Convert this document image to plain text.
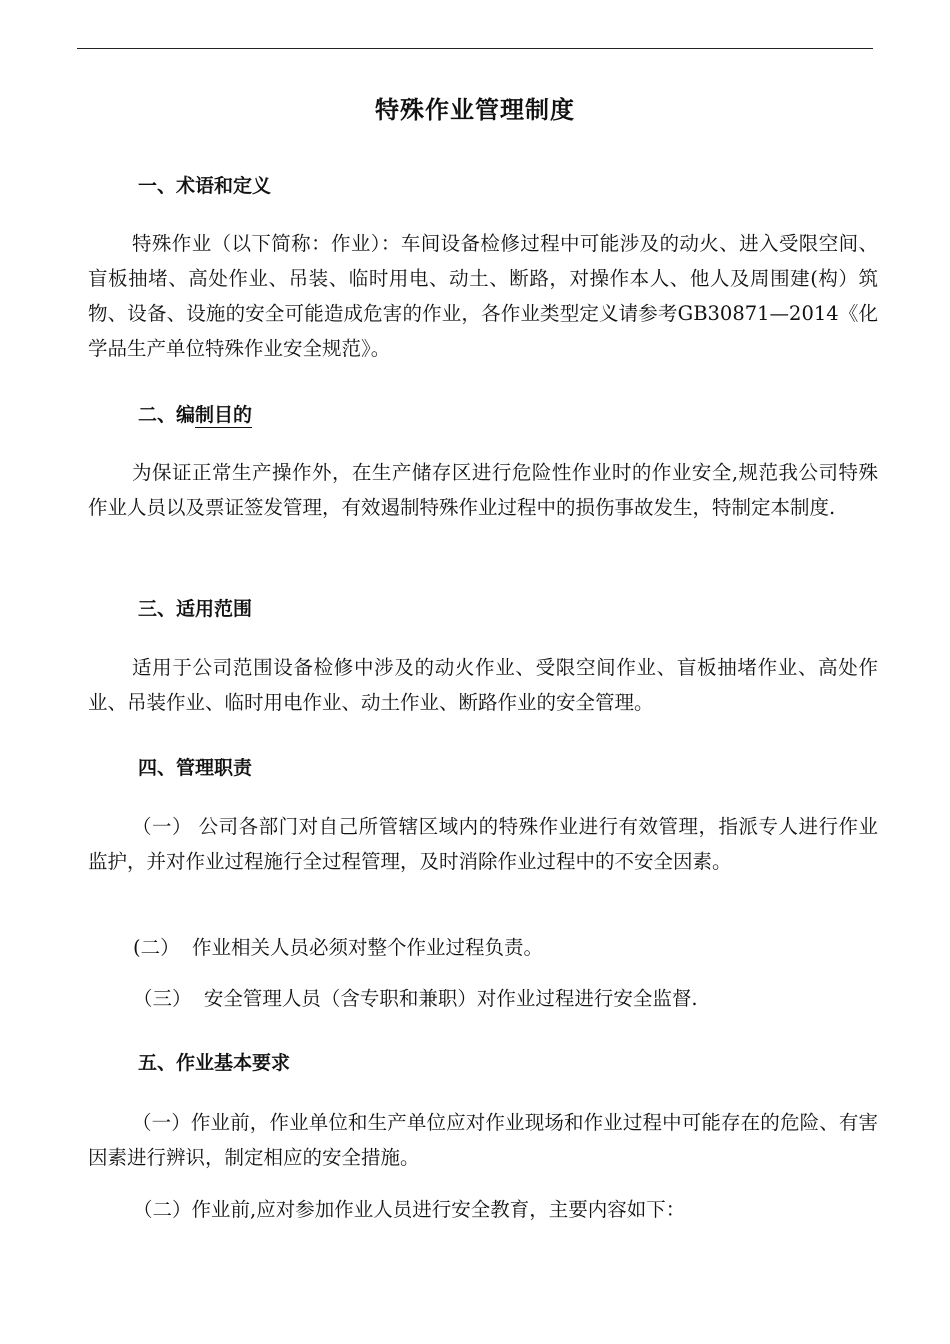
特殊作业管理制度
一、术语和定义
特殊作业（以下简称：作业）：车间设备检修过程中可能涉及的动火、进入受限空间、盲板抽堵、高处作业、吊装、临时用电、动土、断路，对操作本人、他人及周围建(构）筑物、设备、设施的安全可能造成危害的作业，各作业类型定义请参考GB30871—2014《化学品生产单位特殊作业安全规范》。
二、编制目的
为保证正常生产操作外，在生产储存区进行危险性作业时的作业安全,规范我公司特殊作业人员以及票证签发管理，有效遏制特殊作业过程中的损伤事故发生，特制定本制度.
三、适用范围
适用于公司范围设备检修中涉及的动火作业、受限空间作业、盲板抽堵作业、高处作业、吊装作业、临时用电作业、动土作业、断路作业的安全管理。
四、管理职责
（一） 公司各部门对自己所管辖区域内的特殊作业进行有效管理，指派专人进行作业监护，并对作业过程施行全过程管理，及时消除作业过程中的不安全因素。
(二）  作业相关人员必须对整个作业过程负责。
（三）  安全管理人员（含专职和兼职）对作业过程进行安全监督.
五、作业基本要求
（一）作业前，作业单位和生产单位应对作业现场和作业过程中可能存在的危险、有害因素进行辨识，制定相应的安全措施。
（二）作业前,应对参加作业人员进行安全教育，主要内容如下：
